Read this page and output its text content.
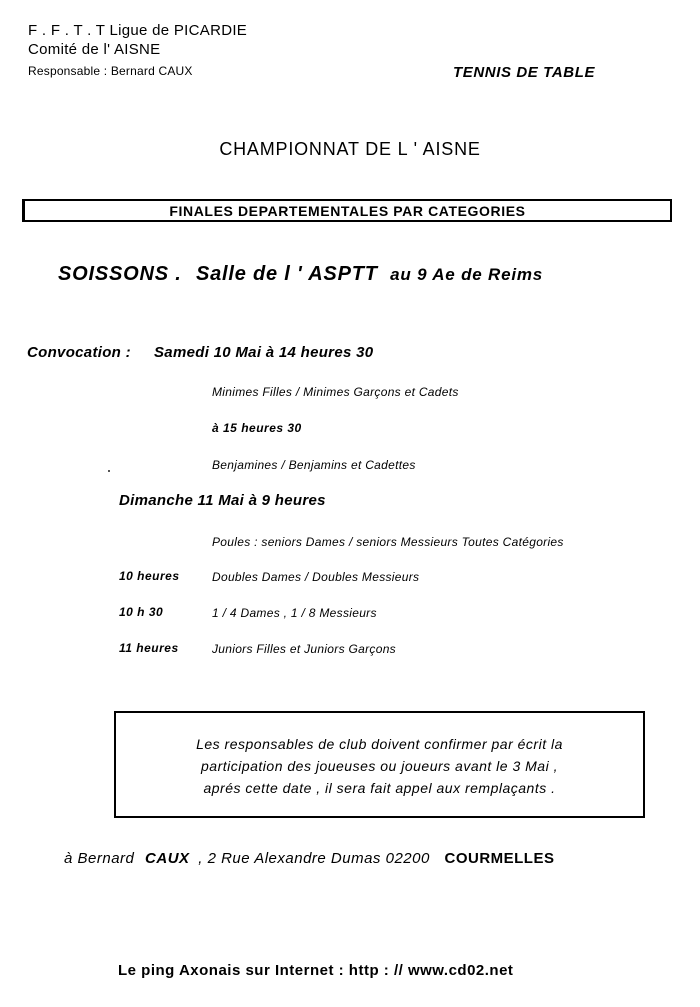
F . F . T . T Ligue de PICARDIE
Comité de l' AISNE
Responsable : Bernard CAUX	TENNIS DE TABLE
CHAMPIONNAT DE L ' AISNE
FINALES DEPARTEMENTALES PAR CATEGORIES
SOISSONS . Salle de l ' ASPTT au 9 Ae de Reims
Convocation : Samedi 10 Mai à 14 heures 30
Minimes Filles / Minimes Garçons et Cadets
à 15 heures 30
Benjamines / Benjamins et Cadettes
Dimanche 11 Mai à 9 heures
Poules : seniors Dames / seniors Messieurs Toutes Catégories
10 heures	Doubles Dames / Doubles Messieurs
10 h 30	1 / 4 Dames , 1 / 8 Messieurs
11 heures	Juniors Filles et Juniors Garçons
Les responsables de club doivent confirmer par écrit la
participation des joueuses ou joueurs avant le 3 Mai ,
aprés cette date , il sera fait appel aux remplaçants .
à Bernard CAUX , 2 Rue Alexandre Dumas 02200 COURMELLES
Le ping Axonais sur Internet : http : // www.cd02.net
